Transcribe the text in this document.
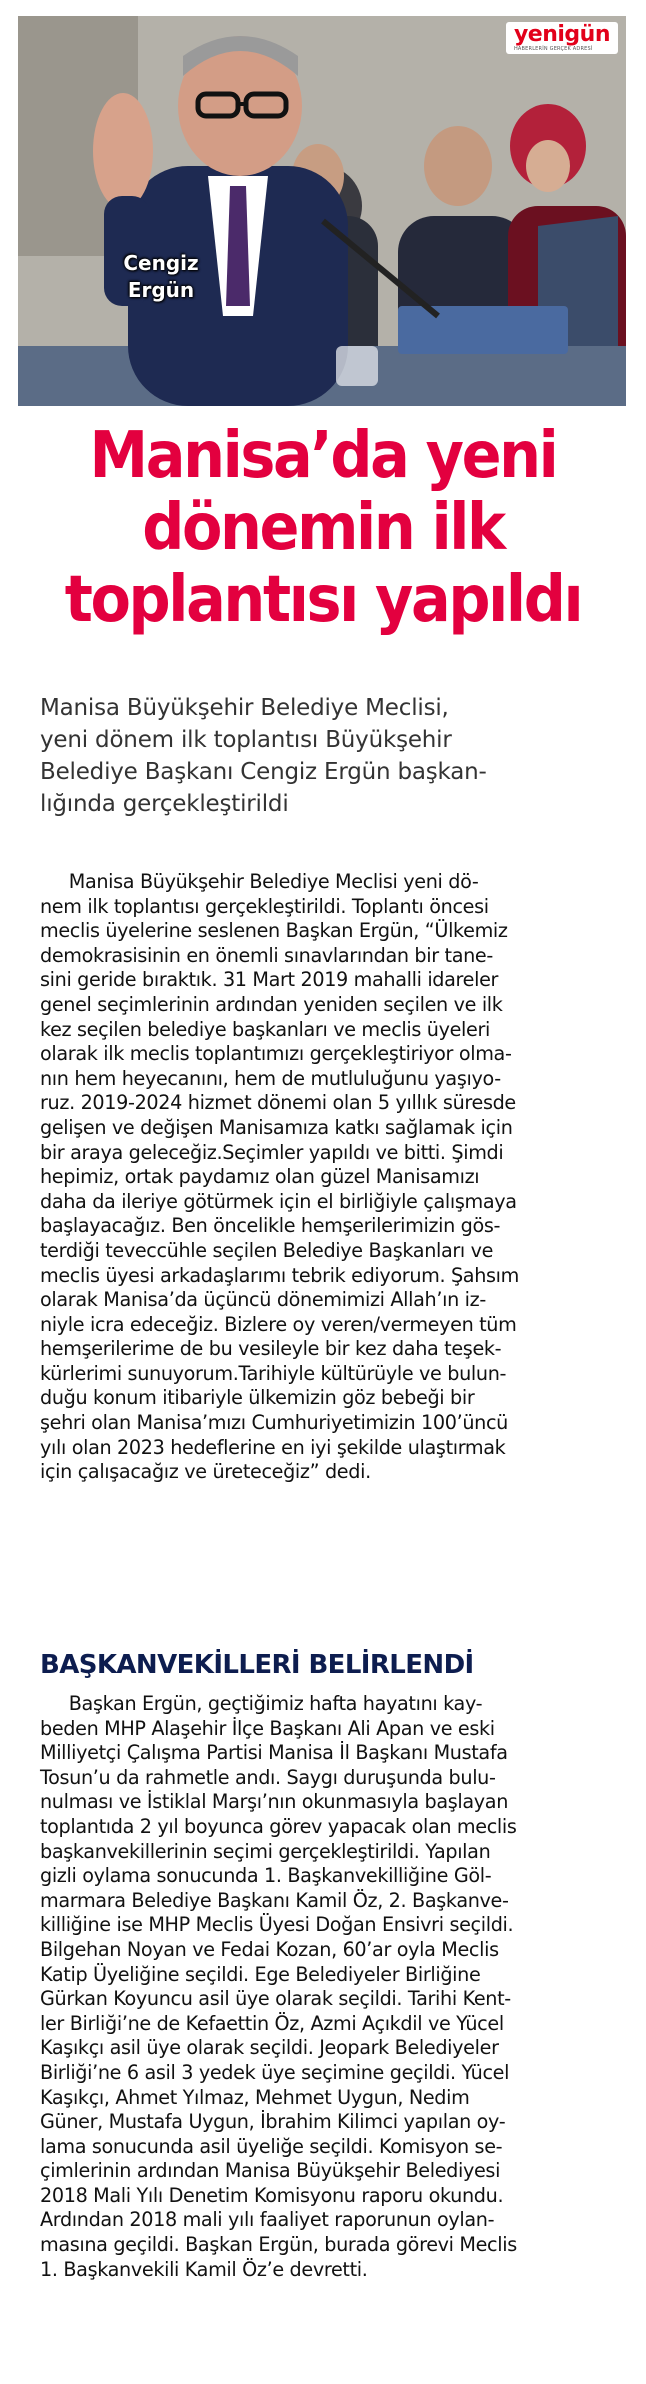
yenigün
HABERLERİN GERÇEK ADRESİ
Cengiz
Ergün
Manisa’da yeni
dönemin ilk
toplantısı yapıldı
Manisa Büyükşehir Belediye Meclisi,
yeni dönem ilk toplantısı Büyükşehir
Belediye Başkanı Cengiz Ergün başkan-
lığında gerçekleştirildi
Manisa Büyükşehir Belediye Meclisi yeni dö-
nem ilk toplantısı gerçekleştirildi. Toplantı öncesi
meclis üyelerine seslenen Başkan Ergün, “Ülkemiz
demokrasisinin en önemli sınavlarından bir tane-
sini geride bıraktık. 31 Mart 2019 mahalli idareler
genel seçimlerinin ardından yeniden seçilen ve ilk
kez seçilen belediye başkanları ve meclis üyeleri
olarak ilk meclis toplantımızı gerçekleştiriyor olma-
nın hem heyecanını, hem de mutluluğunu yaşıyo-
ruz. 2019-2024 hizmet dönemi olan 5 yıllık süresde
gelişen ve değişen Manisamıza katkı sağlamak için
bir araya geleceğiz.Seçimler yapıldı ve bitti. Şimdi
hepimiz, ortak paydamız olan güzel Manisamızı
daha da ileriye götürmek için el birliğiyle çalışmaya
başlayacağız. Ben öncelikle hemşerilerimizin gös-
terdiği teveccühle seçilen Belediye Başkanları ve
meclis üyesi arkadaşlarımı tebrik ediyorum. Şahsım
olarak Manisa’da üçüncü dönemimizi Allah’ın iz-
niyle icra edeceğiz. Bizlere oy veren/vermeyen tüm
hemşerilerime de bu vesileyle bir kez daha teşek-
kürlerimi sunuyorum.Tarihiyle kültürüyle ve bulun-
duğu konum itibariyle ülkemizin göz bebeği bir
şehri olan Manisa’mızı Cumhuriyetimizin 100’üncü
yılı olan 2023 hedeflerine en iyi şekilde ulaştırmak
için çalışacağız ve üreteceğiz” dedi.
BAŞKANVEKİLLERİ BELİRLENDİ
Başkan Ergün, geçtiğimiz hafta hayatını kay-
beden MHP Alaşehir İlçe Başkanı Ali Apan ve eski
Milliyetçi Çalışma Partisi Manisa İl Başkanı Mustafa
Tosun’u da rahmetle andı. Saygı duruşunda bulu-
nulması ve İstiklal Marşı’nın okunmasıyla başlayan
toplantıda 2 yıl boyunca görev yapacak olan meclis
başkanvekillerinin seçimi gerçekleştirildi. Yapılan
gizli oylama sonucunda 1. Başkanvekilliğine Göl-
marmara Belediye Başkanı Kamil Öz, 2. Başkanve-
killiğine ise MHP Meclis Üyesi Doğan Ensivri seçildi.
Bilgehan Noyan ve Fedai Kozan, 60’ar oyla Meclis
Katip Üyeliğine seçildi. Ege Belediyeler Birliğine
Gürkan Koyuncu asil üye olarak seçildi. Tarihi Kent-
ler Birliği’ne de Kefaettin Öz, Azmi Açıkdil ve Yücel
Kaşıkçı asil üye olarak seçildi. Jeopark Belediyeler
Birliği’ne 6 asil 3 yedek üye seçimine geçildi. Yücel
Kaşıkçı, Ahmet Yılmaz, Mehmet Uygun, Nedim
Güner, Mustafa Uygun, İbrahim Kilimci yapılan oy-
lama sonucunda asil üyeliğe seçildi. Komisyon se-
çimlerinin ardından Manisa Büyükşehir Belediyesi
2018 Mali Yılı Denetim Komisyonu raporu okundu.
Ardından 2018 mali yılı faaliyet raporunun oylan-
masına geçildi. Başkan Ergün, burada görevi Meclis
1. Başkanvekili Kamil Öz’e devretti.
